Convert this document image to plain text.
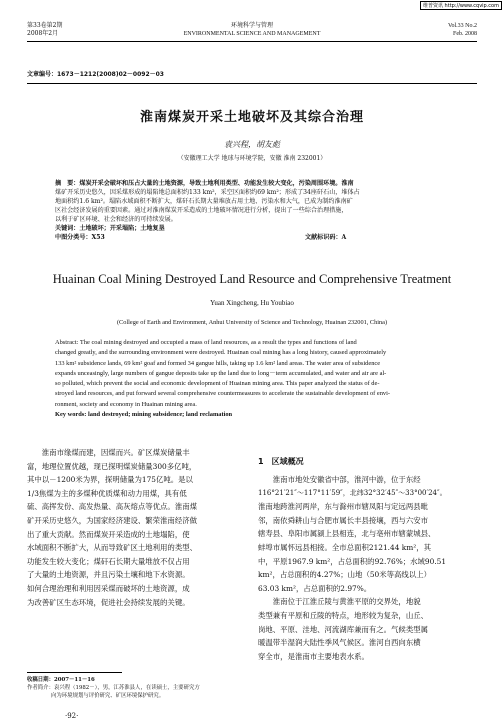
维普资讯 http://www.cqvip.com
第33卷第2期
2008年2月
环境科学与管理
ENVIRONMENTAL SCIENCE AND MANAGEMENT
Vol.33 No.2
Feb. 2008
文章编号：1673－1212(2008)02－0092－03
淮南煤炭开采土地破坏及其综合治理
袁兴程，胡友彪
（安徽理工大学 地球与环境学院，安徽 淮南 232001）
摘　要：煤炭开采会破坏和压占大量的土地资源，导致土地利用类型、功能发生较大变化，污染周围环境。淮南
煤矿开采历史悠久，因采煤形成的塌陷地总面积约133 km²，采空区面积约69 km²；形成了34座矸石山，堆体占
地面积约1.6 km²。塌陷水域面积不断扩大，煤矸石长期大量堆放占用土地、污染水和大气，已成为制约淮南矿
区社会经济发展的重要因素。通过对淮南煤炭开采造成的土地破坏情况进行分析，提出了一些综合治理措施，
以利于矿区环境、社会和经济的可持续发展。
关键词：土地破坏；开采塌陷；土地复垦
中图分类号：X53	文献标识码：A
Huainan Coal Mining Destroyed Land Resource and Comprehensive Treatment
Yuan Xingcheng, Hu Youbiao
(College of Earth and Environment, Anhui University of Science and Technology, Huainan 232001, China)
Abstract: The coal mining destroyed and occupied a mass of land resources, as a result the types and functions of land
changed greatly, and the surrounding environment were destroyed. Huainan coal mining has a long history, caused approximately
133 km² subsidence lands, 69 km² goaf and formed 34 gangue hills, taking up 1.6 km² land areas. The water area of subsidence
expands unceasingly, large numbers of gangue deposits take up the land due to long－term accumulated, and water and air are al-
so polluted, which prevent the social and economic development of Huainan mining area. This paper analyzed the status of de-
stroyed land resources, and put forward several comprehensive countermeasures to accelerate the sustainable development of envi-
ronment, society and economy in Huainan mining area.
Key words: land destroyed; mining subsidence; land reclamation
　　淮南市缘煤而建，因煤而兴。矿区煤炭储量丰
富，地理位置优越，现已探明煤炭储量300多亿吨，
其中以－1200米为界，探明储量为175亿吨。是以
1/3焦煤为主的多煤种优质煤和动力用煤，具有低
硫、高挥发份、高发热量、高灰熔点等优点。淮南煤
矿开采历史悠久，为国家经济建设、繁荣淮南经济做
出了重大贡献。然而煤炭开采造成的土地塌陷，使
水域面积不断扩大，从而导致矿区土地利用的类型、
功能发生较大变化；煤矸石长期大量堆放不仅占用
了大量的土地资源，并且污染土壤和地下水资源。
如何合理治理和利用因采煤而破坏的土地资源，成
为改善矿区生态环境，促进社会持续发展的关键。
收稿日期：2007－11－16
作者简介：袁兴程（1982－），男，江苏淮县人，在读硕士，主要研究方
向为环境规划与评价研究、矿区环境保护研究。
·92·
1　区域概况
　　淮南市地处安徽省中部，淮河中游，位于东经
116°21′21″～117°11′59″，北纬32°32′45″～33°00′24″。
淮南地跨淮河两岸，东与滁州市辖凤阳与定远两县毗
邻，南依舜耕山与合肥市属长丰县接壤，西与六安市
辖寿县、阜阳市属颍上县相连，北与亳州市辖蒙城县、
蚌埠市属怀远县相接。全市总面积2121.44 km²，其
中，平原1967.9 km²，占总面积的92.76%；水域90.51
km²，占总面积的4.27%；山地（50米等高线以上）
63.03 km²，占总面积的2.97%。
　　淮南位于江淮丘陵与黄淮平原的交界处，地貌
类型兼有平原和丘陵的特点，地形较为复杂，山丘、
岗地、平原、洼地、河流湖库兼而有之。气候类型属
暖温带半湿润大陆性季风气候区。淮河自西向东横
穿全市，是淮南市主要地表水系。
